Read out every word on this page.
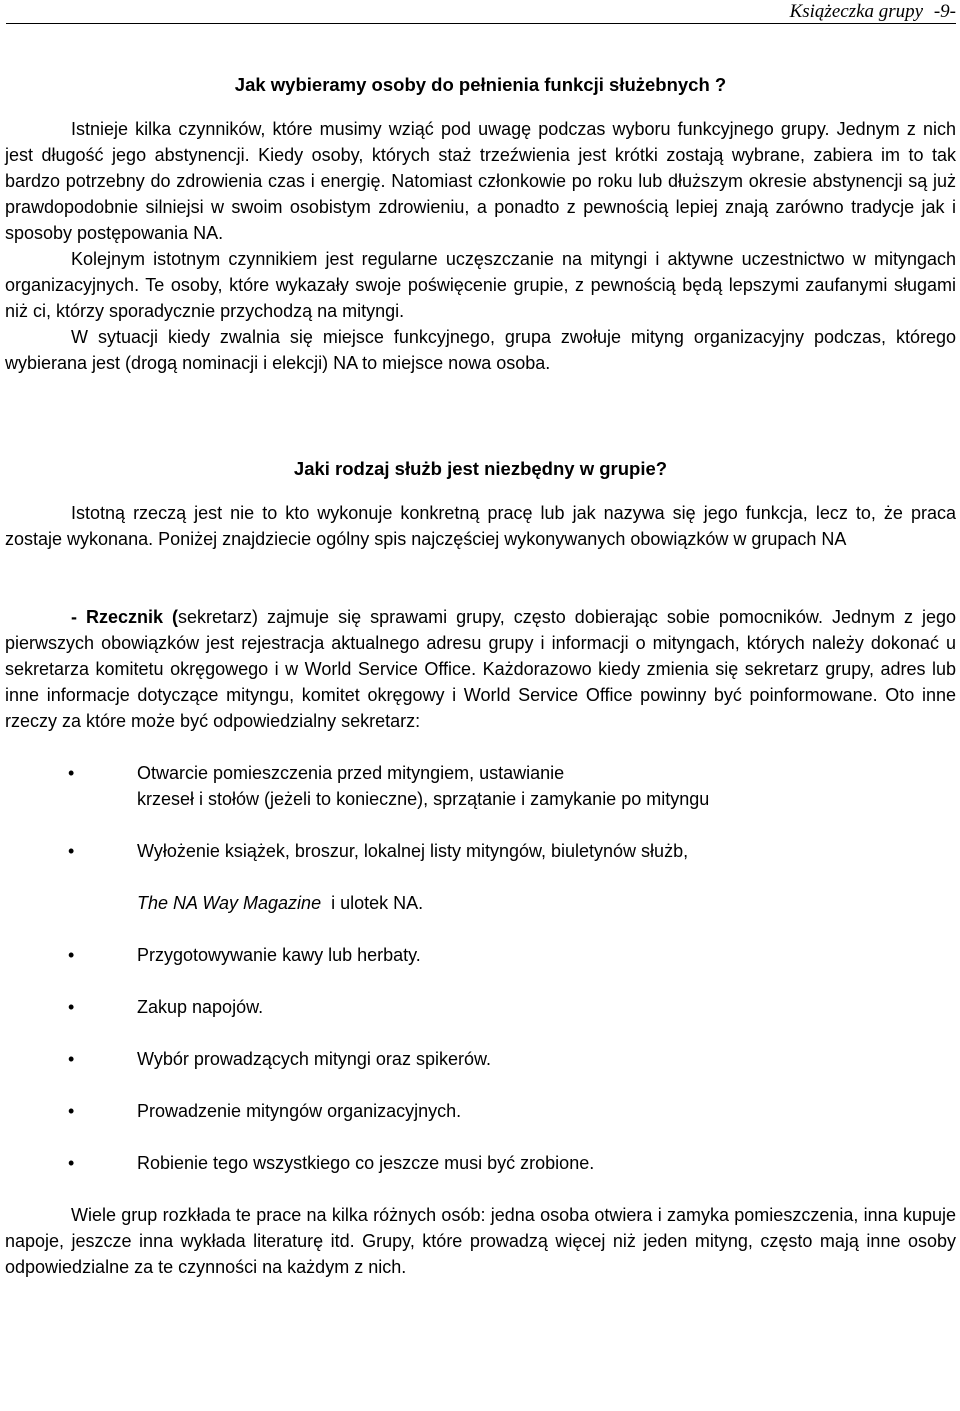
Książeczka grupy -9-

Jak wybieramy osoby do pełnienia funkcji służebnych ?

Istnieje kilka czynników, które musimy wziąć pod uwagę podczas wyboru funkcyjnego grupy. Jednym z nich jest długość jego abstynencji. Kiedy osoby, których staż trzeźwienia jest krótki zostają wybrane, zabiera im to tak bardzo potrzebny do zdrowienia czas i energię. Natomiast członkowie po roku lub dłuższym okresie abstynencji są już prawdopodobnie silniejsi w swoim osobistym zdrowieniu, a ponadto z pewnością lepiej znają zarówno tradycje jak i sposoby postępowania NA.

Kolejnym istotnym czynnikiem jest regularne uczęszczanie na mityngi i aktywne uczestnictwo w mityngach organizacyjnych. Te osoby, które wykazały swoje poświęcenie grupie, z pewnością będą lepszymi zaufanymi sługami niż ci, którzy sporadycznie przychodzą na mityngi.

W sytuacji kiedy zwalnia się miejsce funkcyjnego, grupa zwołuje mityng organizacyjny podczas, którego wybierana jest (drogą nominacji i elekcji) NA to miejsce nowa osoba.

Jaki rodzaj służb jest niezbędny w grupie?

Istotną rzeczą jest nie to kto wykonuje konkretną pracę lub jak nazywa się jego funkcja, lecz to, że praca zostaje wykonana. Poniżej znajdziecie ogólny spis najczęściej wykonywanych obowiązków w grupach NA

- Rzecznik (sekretarz) zajmuje się sprawami grupy, często dobierając sobie pomocników. Jednym z jego pierwszych obowiązków jest rejestracja aktualnego adresu grupy i informacji o mityngach, których należy dokonać u sekretarza komitetu okręgowego i w World Service Office. Każdorazowo kiedy zmienia się sekretarz grupy, adres lub inne informacje dotyczące mityngu, komitet okręgowy i World Service Office powinny być poinformowane. Oto inne rzeczy za które może być odpowiedzialny sekretarz:

•	Otwarcie pomieszczenia przed mityngiem, ustawianie
krzeseł i stołów (jeżeli to konieczne), sprzątanie i zamykanie po mityngu
•	Wyłożenie książek, broszur, lokalnej listy mityngów, biuletynów służb,
The NA Way Magazine  i ulotek NA.
•	Przygotowywanie kawy lub herbaty.
•	Zakup napojów.
•	Wybór prowadzących mityngi oraz spikerów.
•	Prowadzenie mityngów organizacyjnych.
•	Robienie tego wszystkiego co jeszcze musi być zrobione.

Wiele grup rozkłada te prace na kilka różnych osób: jedna osoba otwiera i zamyka pomieszczenia, inna kupuje napoje, jeszcze inna wykłada literaturę itd. Grupy, które prowadzą więcej niż jeden mityng, często mają inne osoby odpowiedzialne za te czynności na każdym z nich.
